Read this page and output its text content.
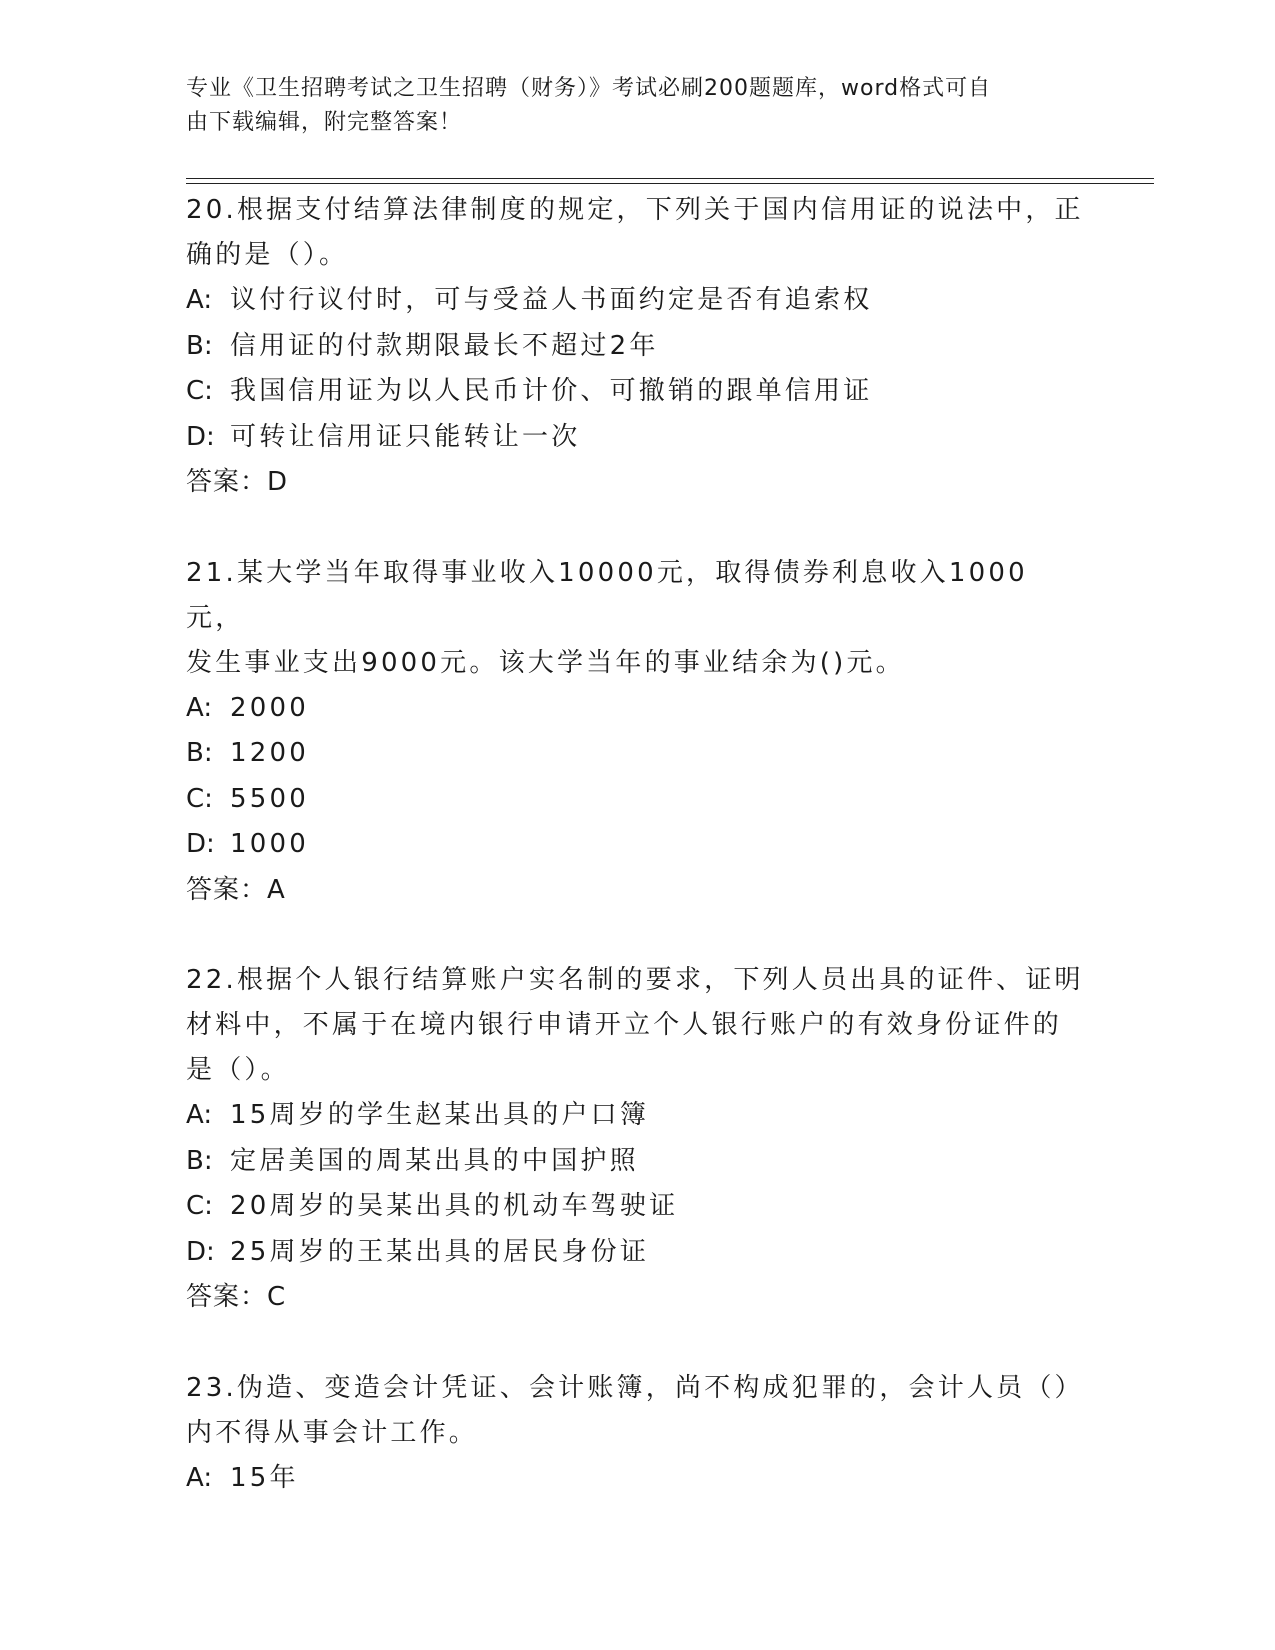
专业《卫生招聘考试之卫生招聘（财务）》考试必刷200题题库，word格式可自
由下载编辑，附完整答案！

20.根据支付结算法律制度的规定，下列关于国内信用证的说法中，正

确的是（）。

A: 议付行议付时，可与受益人书面约定是否有追索权

B: 信用证的付款期限最长不超过2年

C: 我国信用证为以人民币计价、可撤销的跟单信用证

D: 可转让信用证只能转让一次

答案：D

21.某大学当年取得事业收入10000元，取得债券利息收入1000元，

发生事业支出9000元。该大学当年的事业结余为()元。

A: 2000

B: 1200

C: 5500

D: 1000

答案：A

22.根据个人银行结算账户实名制的要求，下列人员出具的证件、证明

材料中，不属于在境内银行申请开立个人银行账户的有效身份证件的

是（）。

A: 15周岁的学生赵某出具的户口簿

B: 定居美国的周某出具的中国护照

C: 20周岁的吴某出具的机动车驾驶证

D: 25周岁的王某出具的居民身份证

答案：C

23.伪造、变造会计凭证、会计账簿，尚不构成犯罪的，会计人员（）

内不得从事会计工作。

A: 15年
